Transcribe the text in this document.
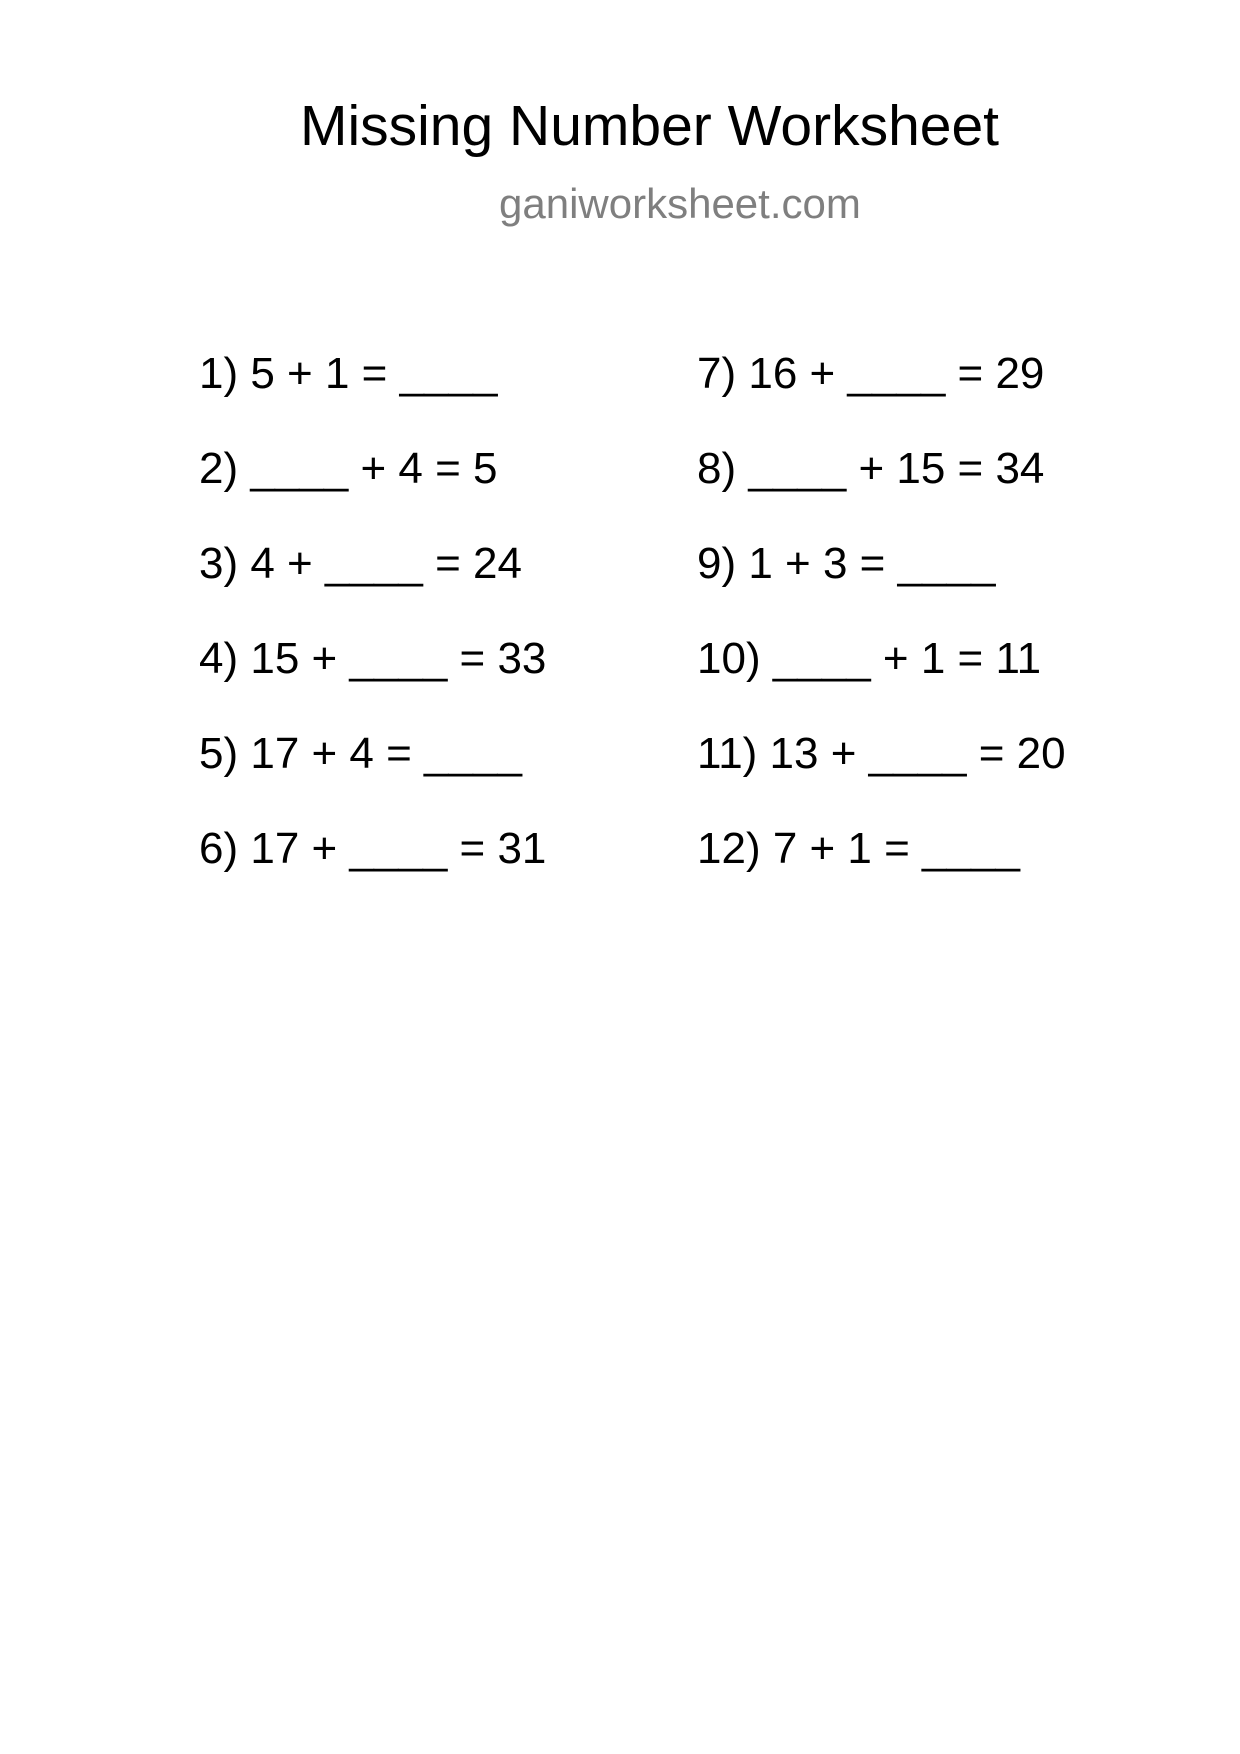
Missing Number Worksheet
ganiworksheet.com
1) 5 + 1 = ____
2) ____ + 4 = 5
3) 4 + ____ = 24
4) 15 + ____ = 33
5) 17 + 4 = ____
6) 17 + ____ = 31
7) 16 + ____ = 29
8) ____ + 15 = 34
9) 1 + 3 = ____
10) ____ + 1 = 11
11) 13 + ____ = 20
12) 7 + 1 = ____
